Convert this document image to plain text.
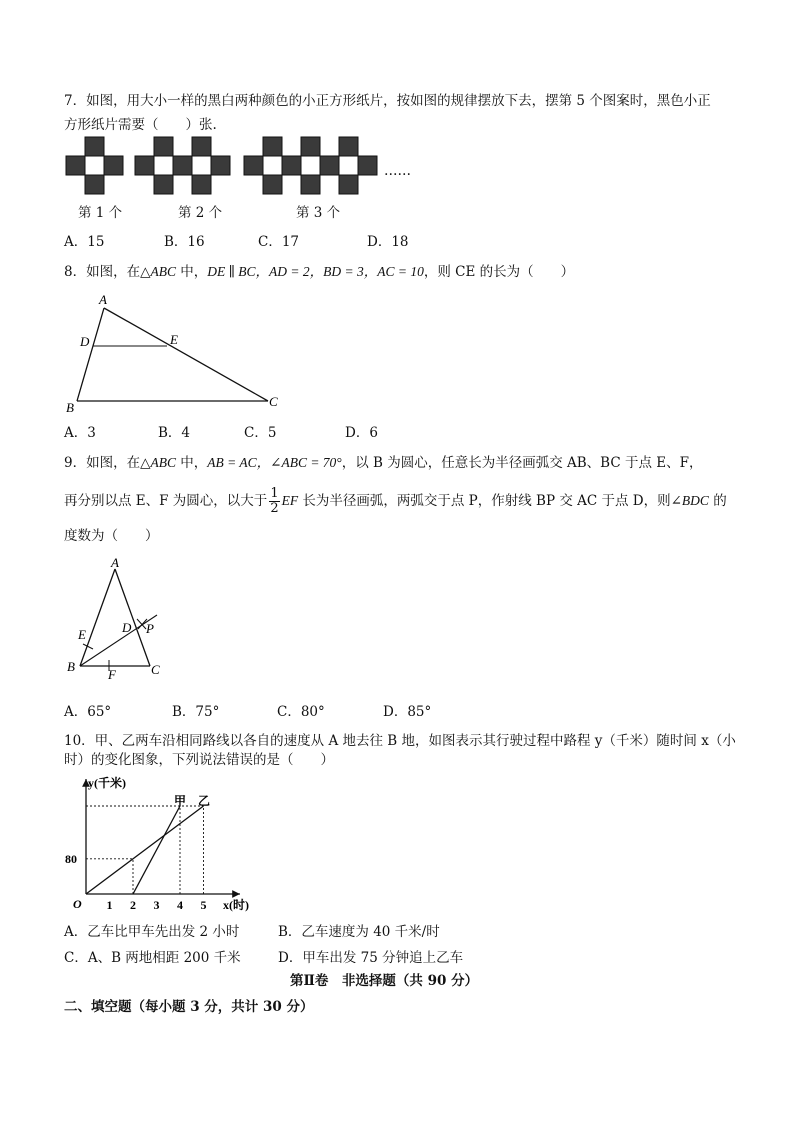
7．如图，用大小一样的黑白两种颜色的小正方形纸片，按如图的规律摆放下去，摆第 5 个图案时，黑色小正
方形纸片需要（　　）张.
……
第 1 个	第 2 个	第 3 个
A．15	B．16	C．17	D．18
8．如图，在△ABC 中，DE ∥ BC，AD = 2，BD = 3，AC = 10，则 CE 的长为（　　）
A
D	E
B	C
A．3	B．4	C．5	D．6
9．如图，在△ABC 中，AB = AC，∠ABC = 70°，以 B 为圆心，任意长为半径画弧交 AB、BC 于点 E、F，
再分别以点 E、F 为圆心，以大于 $\frac{1}{2}$ EF 长为半径画弧，两弧交于点 P，作射线 BP 交 AC 于点 D，则∠BDC 的
度数为（　　）
A
E	D P
B	C
F
A．65°	B．75°	C．80°	D．85°
10．甲、乙两车沿相同路线以各自的速度从 A 地去往 B 地，如图表示其行驶过程中路程 y（千米）随时间 x（小
时）的变化图象，下列说法错误的是（　　）
1 2 3 4 5
80
y(千米)
x(时)
O
甲 乙
A．乙车比甲车先出发 2 小时	B．乙车速度为 40 千米/时
C．A、B 两地相距 200 千米	D．甲车出发 75 分钟追上乙车
第Ⅱ卷　非选择题（共 90 分）
二、填空题（每小题 3 分，共计 30 分）
